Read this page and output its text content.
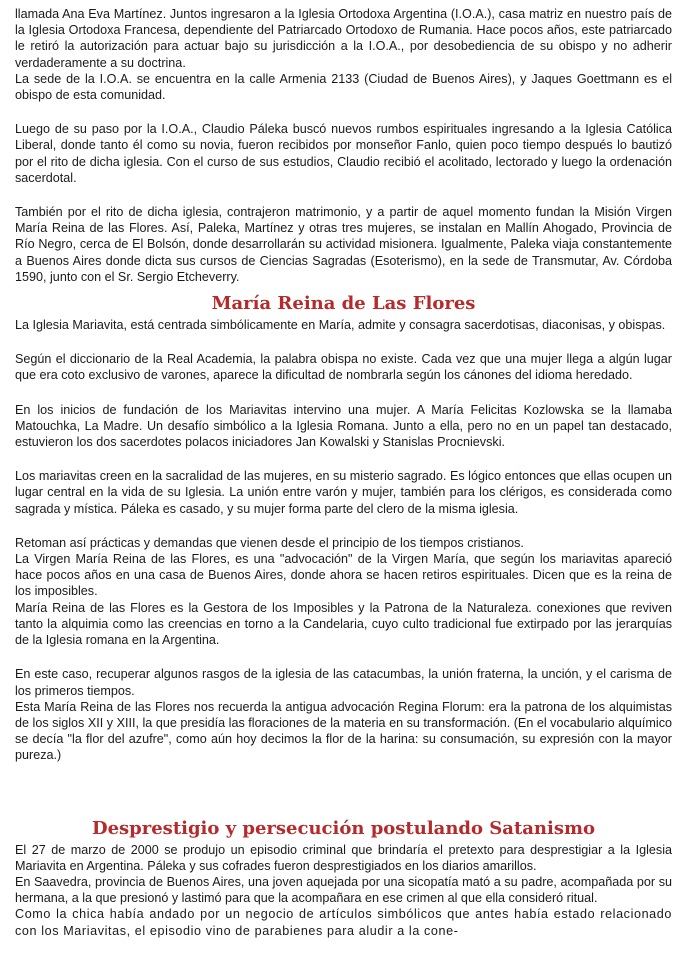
llamada Ana Eva Martínez. Juntos ingresaron a la Iglesia Ortodoxa Argentina (I.O.A.), casa matriz en nuestro país de la Iglesia Ortodoxa Francesa, dependiente del Patriarcado Ortodoxo de Rumania. Hace pocos años, este patriarcado le retiró la autorización para actuar bajo su jurisdicción a la I.O.A., por desobediencia de su obispo y no adherir verdaderamente a su doctrina.

La sede de la I.O.A. se encuentra en la calle Armenia 2133 (Ciudad de Buenos Aires), y Jaques Goettmann es el obispo de esta comunidad.

Luego de su paso por la I.O.A., Claudio Páleka buscó nuevos rumbos espirituales ingresando a la Iglesia Católica Liberal, donde tanto él como su novia, fueron recibidos por monseñor Fanlo, quien poco tiempo después lo bautizó por el rito de dicha iglesia. Con el curso de sus estudios, Claudio recibió el acolitado, lectorado y luego la ordenación sacerdotal.

También por el rito de dicha iglesia, contrajeron matrimonio, y a partir de aquel momento fundan la Misión Virgen María Reina de las Flores. Así, Paleka, Martínez y otras tres mujeres, se instalan en Mallín Ahogado, Provincia de Río Negro, cerca de El Bolsón, donde desarrollarán su actividad misionera. Igualmente, Paleka viaja constantemente a Buenos Aires donde dicta sus cursos de Ciencias Sagradas (Esoterismo), en la sede de Transmutar, Av. Córdoba 1590, junto con el Sr. Sergio Etcheverry.

María Reina de Las Flores

La Iglesia Mariavita, está centrada simbólicamente en María, admite y consagra sacerdotisas, diaconisas, y obispas.

Según el diccionario de la Real Academia, la palabra obispa no existe. Cada vez que una mujer llega a algún lugar que era coto exclusivo de varones, aparece la dificultad de nombrarla según los cánones del idioma heredado.

En los inicios de fundación de los Mariavitas intervino una mujer. A María Felicitas Kozlowska se la llamaba Matouchka, La Madre. Un desafío simbólico a la Iglesia Romana. Junto a ella, pero no en un papel tan destacado, estuvieron los dos sacerdotes polacos iniciadores Jan Kowalski y Stanislas Procnievski.

Los mariavitas creen en la sacralidad de las mujeres, en su misterio sagrado. Es lógico entonces que ellas ocupen un lugar central en la vida de su Iglesia. La unión entre varón y mujer, también para los clérigos, es considerada como sagrada y mística. Páleka es casado, y su mujer forma parte del clero de la misma iglesia.

Retoman así prácticas y demandas que vienen desde el principio de los tiempos cristianos.

La Virgen María Reina de las Flores, es una "advocación" de la Virgen María, que según los mariavitas apareció hace pocos años en una casa de Buenos Aires, donde ahora se hacen retiros espirituales. Dicen que es la reina de los imposibles.

María Reina de las Flores es la Gestora de los Imposibles y la Patrona de la Naturaleza. conexiones que reviven tanto la alquimia como las creencias en torno a la Candelaria, cuyo culto tradicional fue extirpado por las jerarquías de la Iglesia romana en la Argentina.

En este caso, recuperar algunos rasgos de la iglesia de las catacumbas, la unión fraterna, la unción, y el carisma de los primeros tiempos.

Esta María Reina de las Flores nos recuerda la antigua advocación Regina Florum: era la patrona de los alquimistas de los siglos XII y XIII, la que presidía las floraciones de la materia en su transformación. (En el vocabulario alquímico se decía "la flor del azufre", como aún hoy decimos la flor de la harina: su consumación, su expresión con la mayor pureza.)

Desprestigio y persecución postulando Satanismo

El 27 de marzo de 2000 se produjo un episodio criminal que brindaría el pretexto para desprestigiar a la Iglesia Mariavita en Argentina. Páleka y sus cofrades fueron desprestigiados en los diarios amarillos.

En Saavedra, provincia de Buenos Aires, una joven aquejada por una sicopatía mató a su padre, acompañada por su hermana, a la que presionó y lastimó para que la acompañara en ese crimen al que ella consideró ritual.

Como la chica había andado por un negocio de artículos simbólicos que antes había estado relacionado con los Mariavitas, el episodio vino de parabienes para aludir a la cone-
